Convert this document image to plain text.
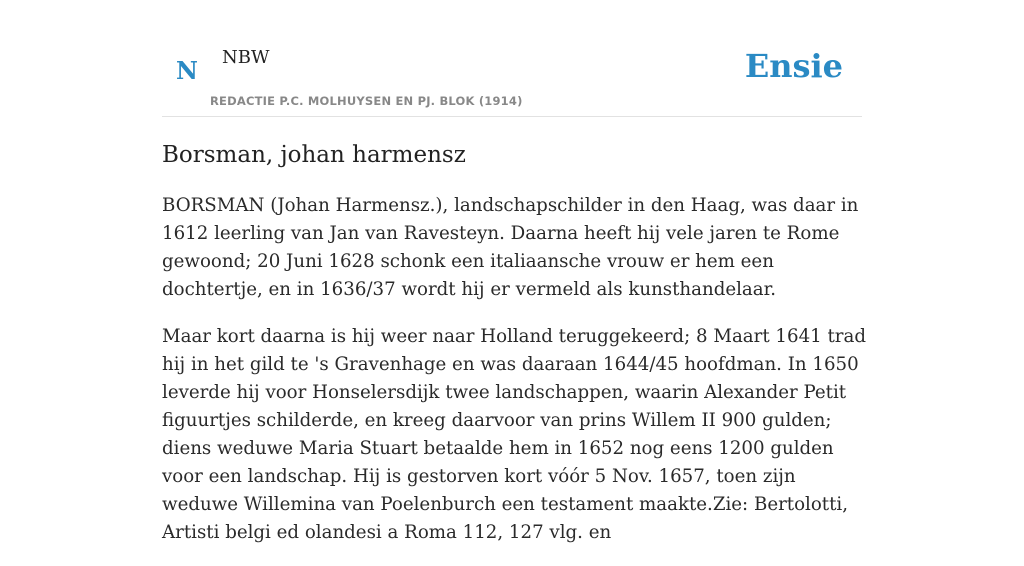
N NBW
REDACTIE P.C. MOLHUYSEN EN PJ. BLOK (1914)
Ensie
Borsman, johan harmensz

BORSMAN (Johan Harmensz.), landschapschilder in den Haag, was daar in 1612 leerling van Jan van Ravesteyn. Daarna heeft hij vele jaren te Rome gewoond; 20 Juni 1628 schonk een italiaansche vrouw er hem een dochtertje, en in 1636/37 wordt hij er vermeld als kunsthandelaar.

Maar kort daarna is hij weer naar Holland teruggekeerd; 8 Maart 1641 trad hij in het gild te 's Gravenhage en was daaraan 1644/45 hoofdman. In 1650 leverde hij voor Honselersdijk twee landschappen, waarin Alexander Petit figuurtjes schilderde, en kreeg daarvoor van prins Willem II 900 gulden; diens weduwe Maria Stuart betaalde hem in 1652 nog eens 1200 gulden voor een landschap. Hij is gestorven kort vóór 5 Nov. 1657, toen zijn weduwe Willemina van Poelenburch een testament maakte.Zie: Bertolotti, Artisti belgi ed olandesi a Roma 112, 127 vlg. en
